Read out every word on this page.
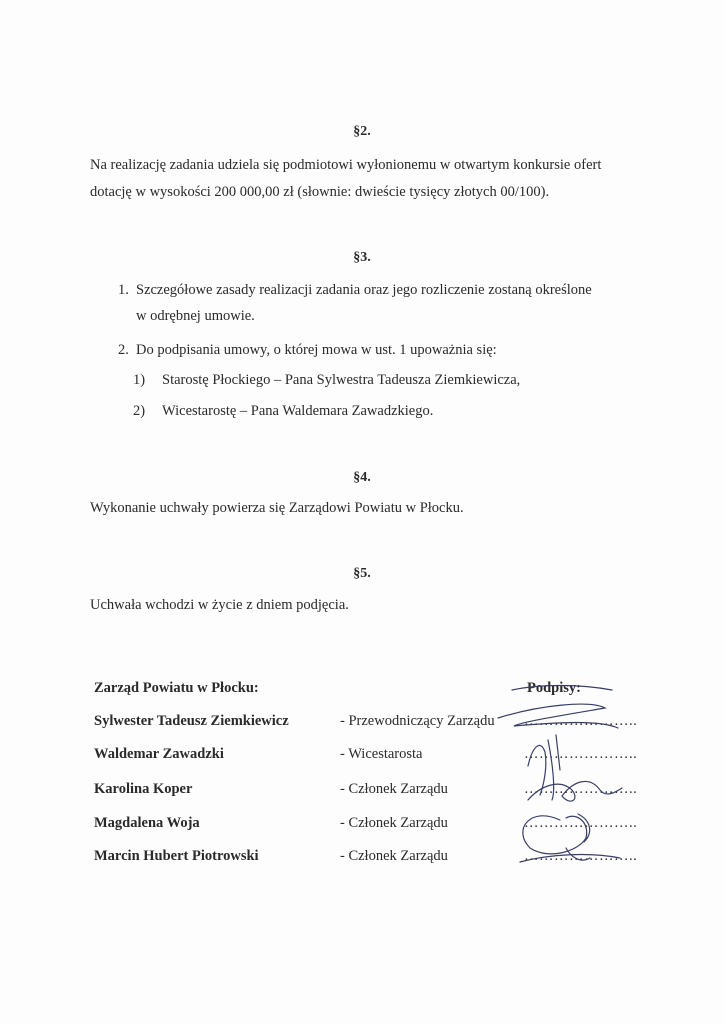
§2.
Na realizację zadania udziela się podmiotowi wyłonionemu w otwartym konkursie ofert
dotację w wysokości 200 000,00 zł (słownie: dwieście tysięcy złotych 00/100).
§3.
1. Szczegółowe zasady realizacji zadania oraz jego rozliczenie zostaną określone
w odrębnej umowie.
2. Do podpisania umowy, o której mowa w ust. 1 upoważnia się:
1) Starostę Płockiego – Pana Sylwestra Tadeusza Ziemkiewicza,
2) Wicestarostę – Pana Waldemara Zawadzkiego.
§4.
Wykonanie uchwały powierza się Zarządowi Powiatu w Płocku.
§5.
Uchwała wchodzi w życie z dniem podjęcia.
Zarząd Powiatu w Płocku:	Podpisy:
Sylwester Tadeusz Ziemkiewicz	- Przewodniczący Zarządu …………………..
Waldemar Zawadzki	- Wicestarosta	…………………..
Karolina Koper	- Członek Zarządu	…………………..
Magdalena Woja	- Członek Zarządu	…………………..
Marcin Hubert Piotrowski	- Członek Zarządu	…………………..
